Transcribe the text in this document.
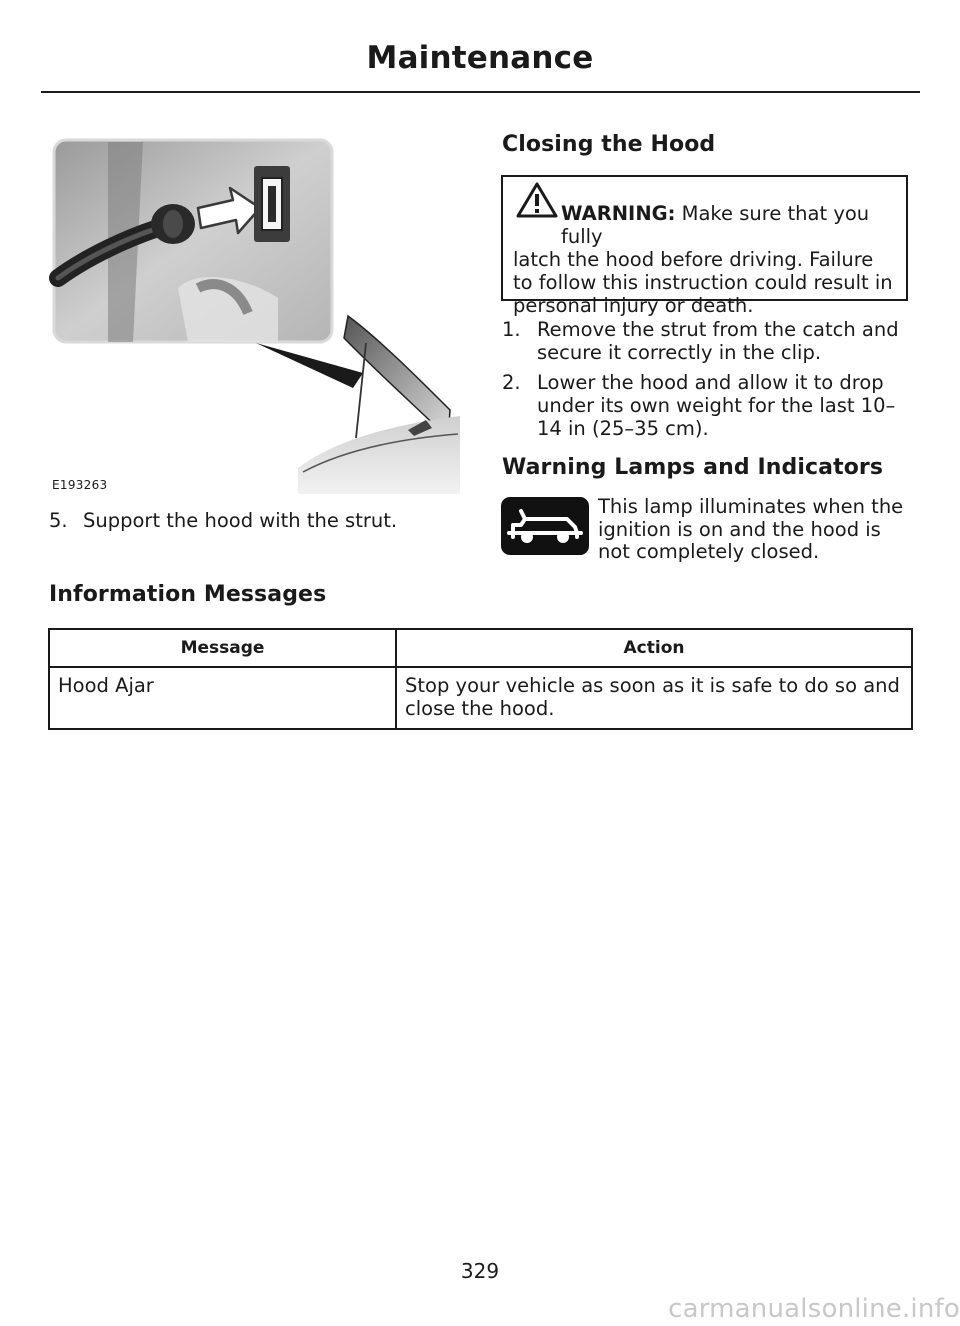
Maintenance
E193263
5. Support the hood with the strut.
Closing the Hood
WARNING: Make sure that you fully
latch the hood before driving. Failure to follow this instruction could result in personal injury or death.
1. Remove the strut from the catch and secure it correctly in the clip.
2. Lower the hood and allow it to drop under its own weight for the last 10–14 in (25–35 cm).
Warning Lamps and Indicators
This lamp illuminates when the ignition is on and the hood is not completely closed.
Information Messages
Message	Action
Hood Ajar	Stop your vehicle as soon as it is safe to do so and close the hood.
329
carmanualsonline.info
